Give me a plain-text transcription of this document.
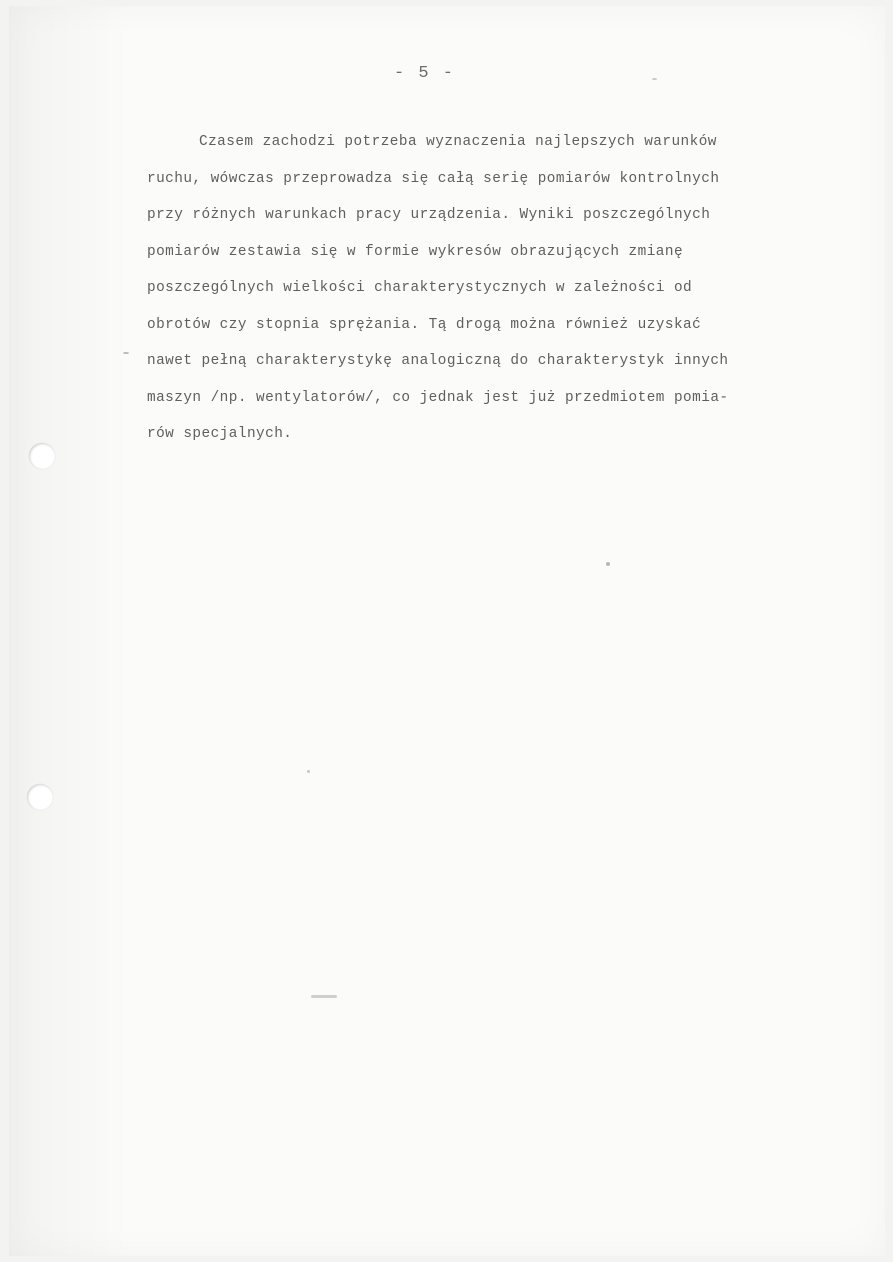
- 5 -
Czasem zachodzi potrzeba wyznaczenia najlepszych warunków
ruchu, wówczas przeprowadza się całą serię pomiarów kontrolnych
przy różnych warunkach pracy urządzenia. Wyniki poszczególnych
pomiarów zestawia się w formie wykresów obrazujących zmianę
poszczególnych wielkości charakterystycznych w zależności od
obrotów czy stopnia sprężania. Tą drogą można również uzyskać
nawet pełną charakterystykę analogiczną do charakterystyk innych
maszyn /np. wentylatorów/, co jednak jest już przedmiotem pomia-
rów specjalnych.
